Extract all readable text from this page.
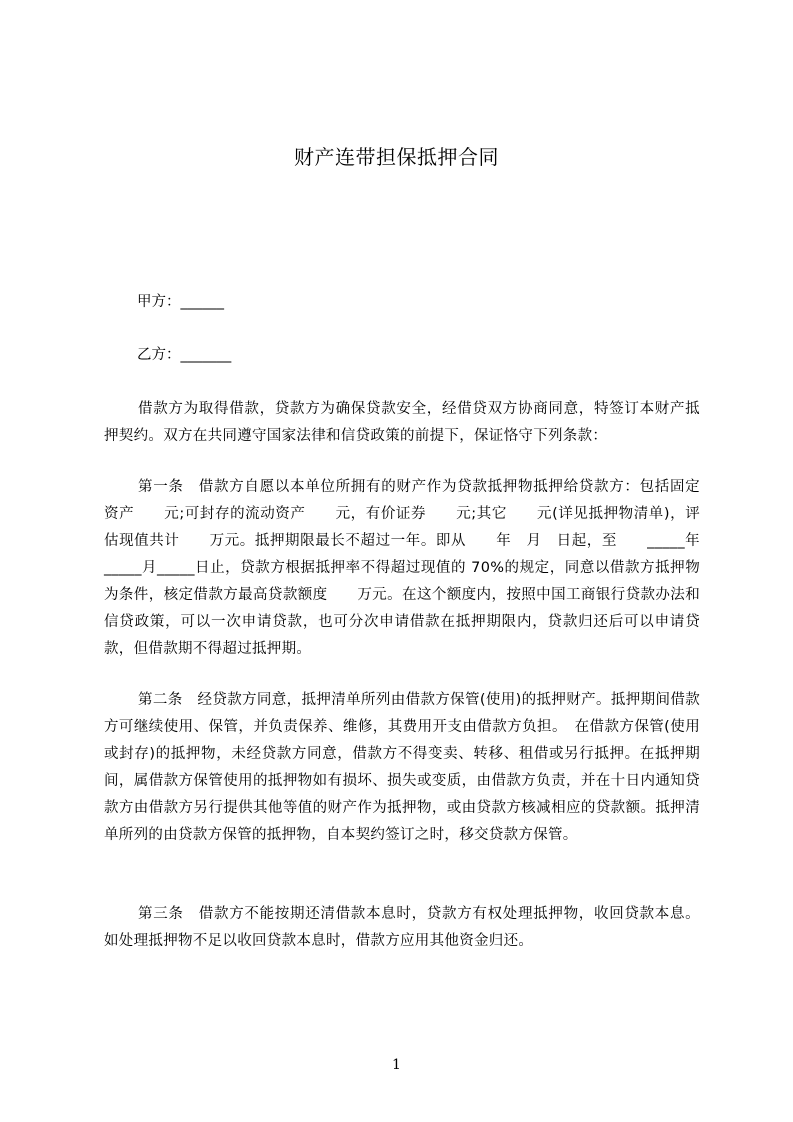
财产连带担保抵押合同
甲方：______
乙方：_______

借款方为取得借款，贷款方为确保贷款安全，经借贷双方协商同意，特签订本财产抵押契约。双方在共同遵守国家法律和信贷政策的前提下，保证恪守下列条款：

第一条　借款方自愿以本单位所拥有的财产作为贷款抵押物抵押给贷款方：包括固定资产　　元;可封存的流动资产　　元，有价证券　　元;其它　　元(详见抵押物清单)，评估现值共计　　万元。抵押期限最长不超过一年。即从　　年　月　日起，至　　_____年_____月_____日止，贷款方根据抵押率不得超过现值的 70%的规定，同意以借款方抵押物为条件，核定借款方最高贷款额度　　万元。在这个额度内，按照中国工商银行贷款办法和信贷政策，可以一次申请贷款，也可分次申请借款在抵押期限内，贷款归还后可以申请贷款，但借款期不得超过抵押期。

第二条　经贷款方同意，抵押清单所列由借款方保管(使用)的抵押财产。抵押期间借款方可继续使用、保管，并负责保养、维修，其费用开支由借款方负担。　在借款方保管(使用或封存)的抵押物，未经贷款方同意，借款方不得变卖、转移、租借或另行抵押。在抵押期间，属借款方保管使用的抵押物如有损坏、损失或变质，由借款方负责，并在十日内通知贷款方由借款方另行提供其他等值的财产作为抵押物，或由贷款方核减相应的贷款额。抵押清单所列的由贷款方保管的抵押物，自本契约签订之时，移交贷款方保管。

第三条　借款方不能按期还清借款本息时，贷款方有权处理抵押物，收回贷款本息。如处理抵押物不足以收回贷款本息时，借款方应用其他资金归还。

1
